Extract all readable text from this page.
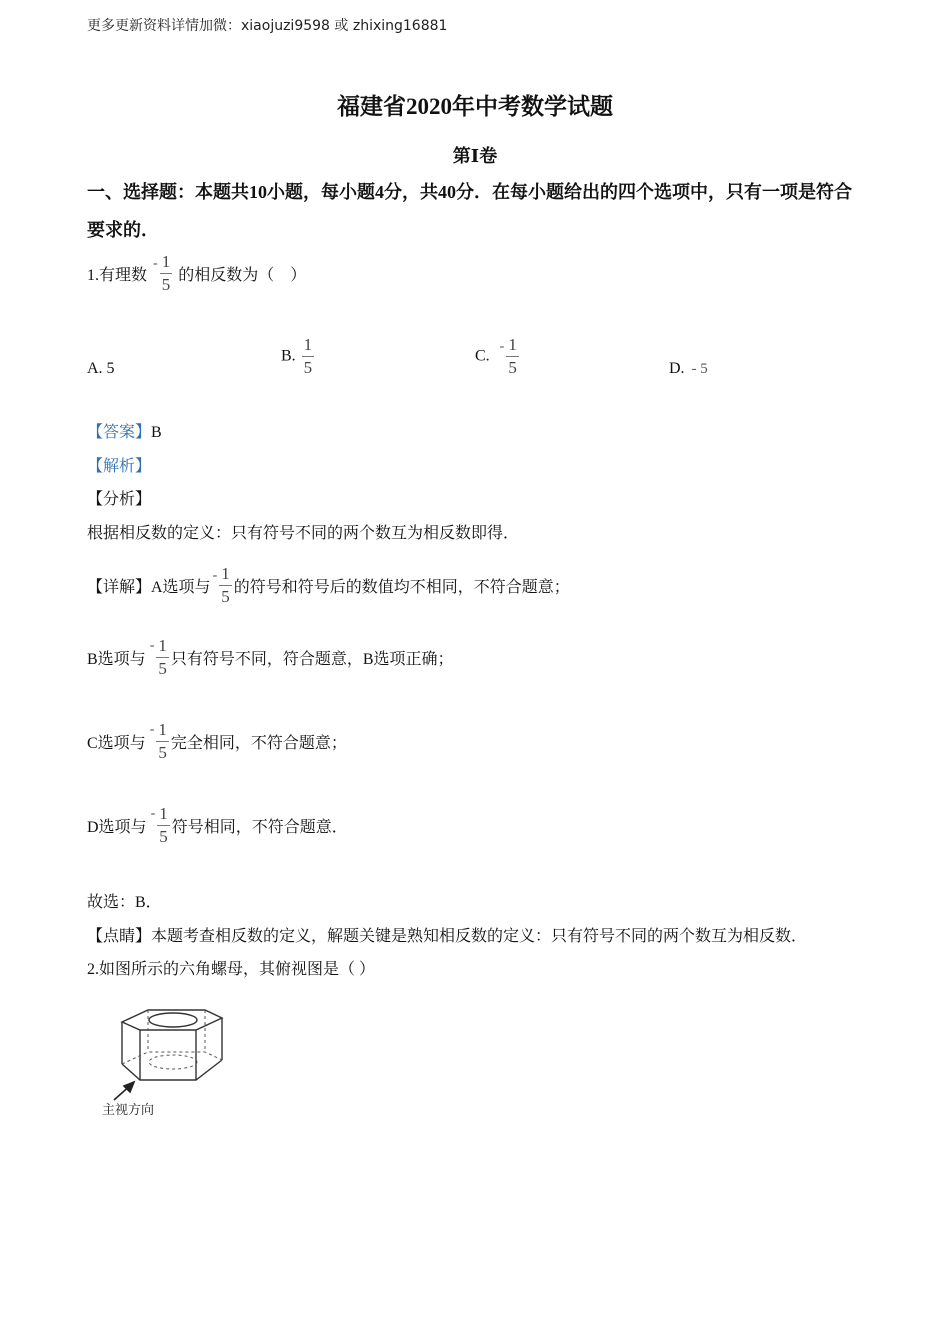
更多更新资料详情加微：xiaojuzi9598 或 zhixing16881
福建省2020年中考数学试题
第Ⅰ卷
一、选择题：本题共10小题，每小题4分，共40分．在每小题给出的四个选项中，只有一项是符合要求的．
1.有理数 - $\frac{1}{5}$ 的相反数为（　）
A. 5
B. $\frac{1}{5}$	C. - $\frac{1}{5}$	D. - 5
【答案】B
【解析】
【分析】
根据相反数的定义：只有符号不同的两个数互为相反数即得．
【详解】A选项与- $\frac{1}{5}$ 的符号和符号后的数值均不相同，不符合题意；
B选项与- $\frac{1}{5}$ 只有符号不同，符合题意，B选项正确；
C选项与- $\frac{1}{5}$ 完全相同，不符合题意；
D选项与- $\frac{1}{5}$ 符号相同，不符合题意．
故选：B．
【点睛】本题考查相反数的定义，解题关键是熟知相反数的定义：只有符号不同的两个数互为相反数．
2.如图所示的六角螺母，其俯视图是（ ）
主视方向
